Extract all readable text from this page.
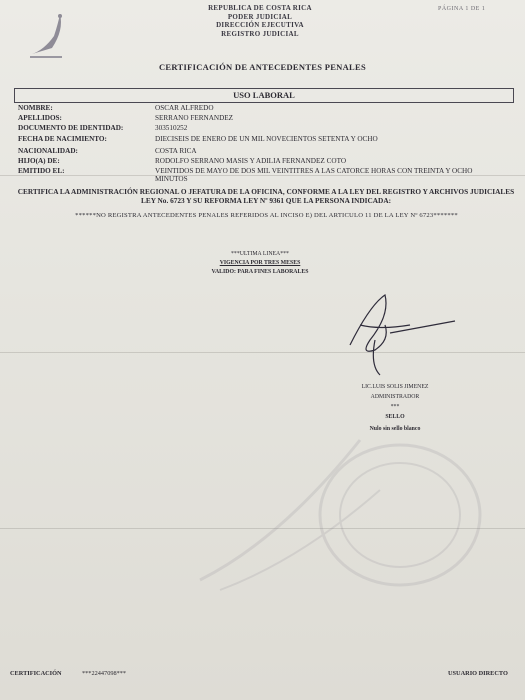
REPUBLICA DE COSTA RICA
PODER JUDICIAL
DIRECCIÓN EJECUTIVA
REGISTRO JUDICIAL
PÁGINA 1 DE 1
CERTIFICACIÓN DE ANTECEDENTES PENALES
USO LABORAL
NOMBRE:	OSCAR ALFREDO
APELLIDOS:	SERRANO FERNANDEZ
DOCUMENTO DE IDENTIDAD:	303510252
FECHA DE NACIMIENTO:	DIECISEIS DE ENERO DE UN MIL NOVECIENTOS SETENTA Y OCHO
NACIONALIDAD:	COSTA RICA
HIJO(A) DE:	RODOLFO SERRANO MASIS Y ADILIA FERNANDEZ COTO
EMITIDO EL:	VEINTIDOS DE MAYO DE DOS MIL VEINTITRES A LAS CATORCE HORAS CON TREINTA Y OCHO MINUTOS
CERTIFICA LA ADMINISTRACIÓN REGIONAL O JEFATURA DE LA OFICINA, CONFORME A LA LEY DEL REGISTRO Y ARCHIVOS JUDICIALES LEY No. 6723 Y SU REFORMA LEY Nº 9361 QUE LA PERSONA INDICADA:
******NO REGISTRA ANTECEDENTES PENALES REFERIDOS AL INCISO E) DEL ARTICULO 11 DE LA LEY Nº 6723*******
***ULTIMA LINEA***
VIGENCIA POR TRES MESES
VALIDO: PARA FINES LABORALES
LIC.LUIS SOLIS JIMENEZ
ADMINISTRADOR
***
SELLO
Nulo sin sello blanco
CERTIFICACIÓN	***22447098***	USUARIO DIRECTO
